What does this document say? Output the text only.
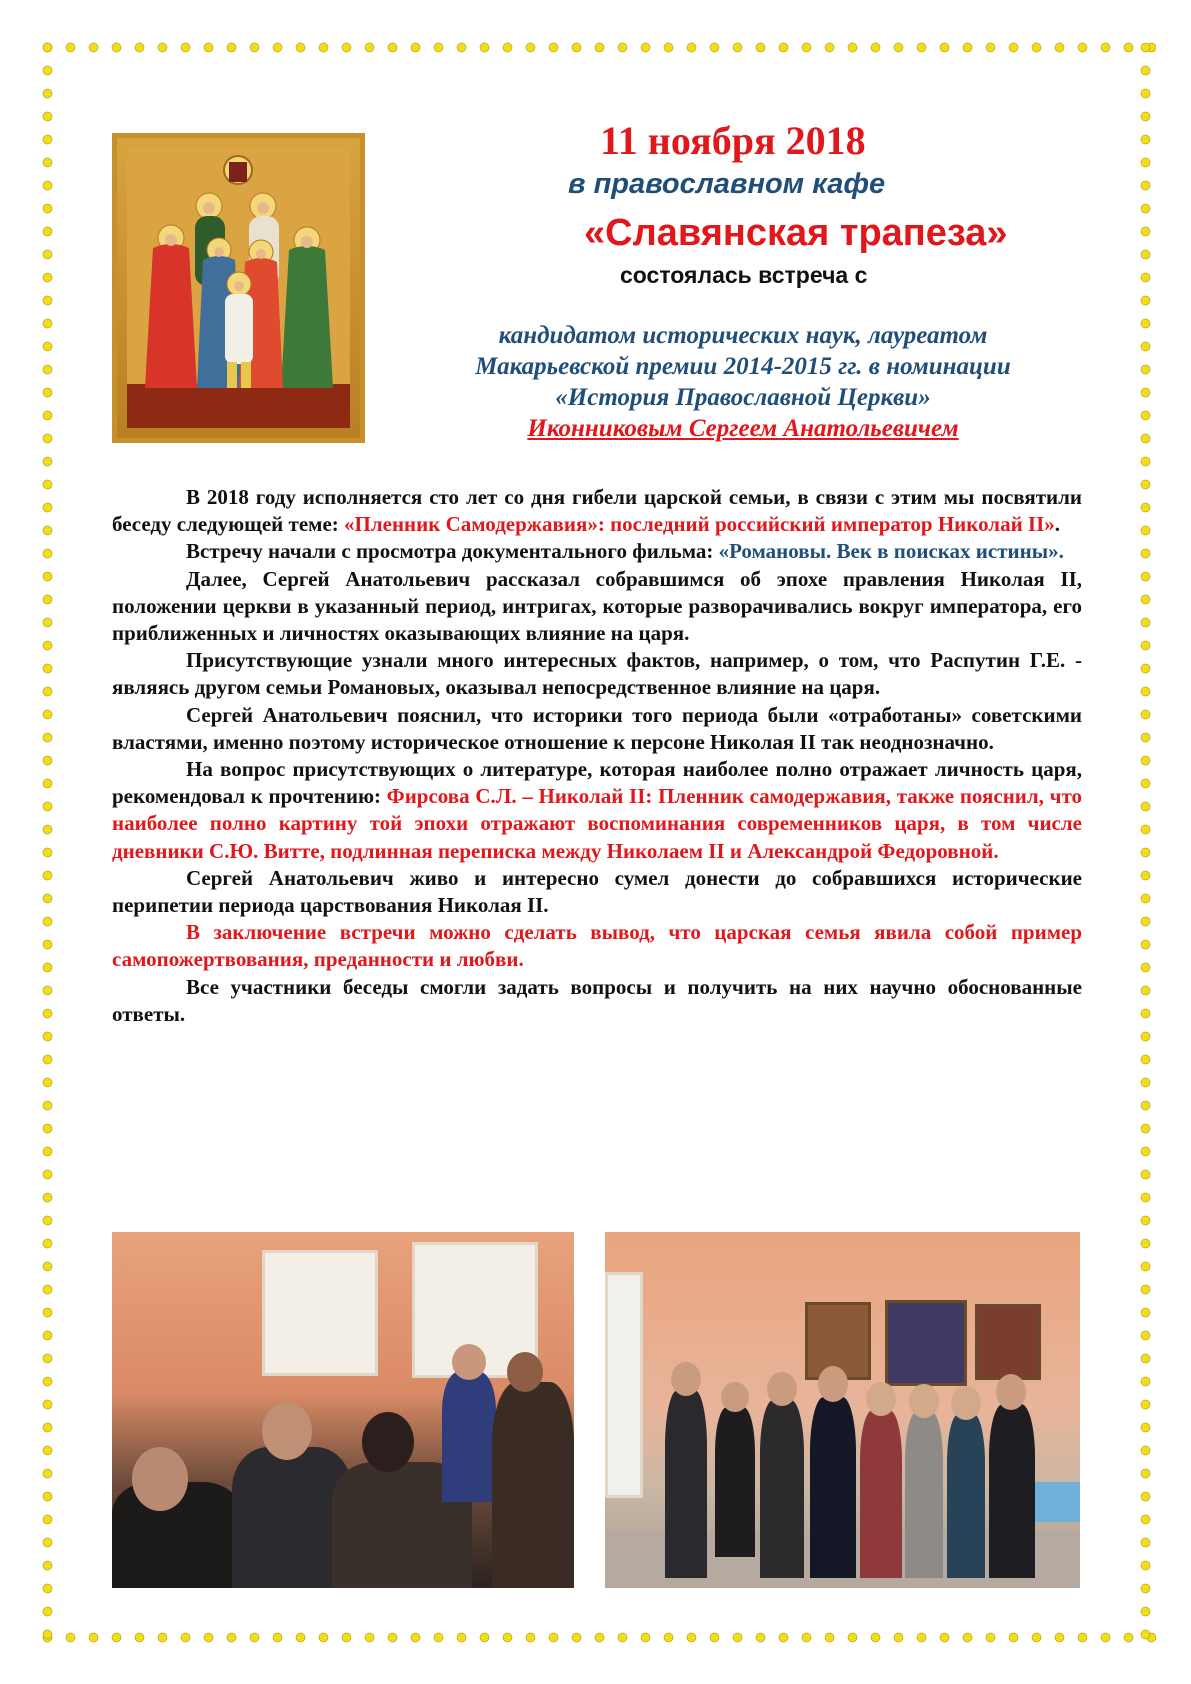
11 ноября 2018
в православном кафе
«Славянская трапеза»
состоялась встреча с
кандидатом исторических наук, лауреатом
Макарьевской премии 2014-2015 гг. в номинации
«История Православной Церкви»
Иконниковым Сергеем Анатольевичем

В 2018 году исполняется сто лет со дня гибели царской семьи, в связи с этим мы посвятили беседу следующей теме: «Пленник Самодержавия»: последний российский император Николай II».

Встречу начали с просмотра документального фильма: «Романовы. Век в поисках истины».

Далее, Сергей Анатольевич рассказал собравшимся об эпохе правления Николая II, положении церкви в указанный период, интригах, которые разворачивались вокруг императора, его приближенных и личностях оказывающих влияние на царя.

Присутствующие узнали много интересных фактов, например, о том, что Распутин Г.Е. - являясь другом семьи Романовых, оказывал непосредственное влияние на царя.

Сергей Анатольевич пояснил, что историки того периода были «отработаны» советскими властями, именно поэтому историческое отношение к персоне Николая II так неоднозначно.

На вопрос присутствующих о литературе, которая наиболее полно отражает личность царя, рекомендовал к прочтению: Фирсова С.Л. – Николай II: Пленник самодержавия, также пояснил, что наиболее полно картину той эпохи отражают воспоминания современников царя, в том числе дневники С.Ю. Витте, подлинная переписка между Николаем II и Александрой Федоровной.

Сергей Анатольевич живо и интересно сумел донести до собравшихся исторические перипетии периода царствования Николая II.

В заключение встречи можно сделать вывод, что царская семья явила собой пример самопожертвования, преданности и любви.

Все участники беседы смогли задать вопросы и получить на них научно обоснованные ответы.
